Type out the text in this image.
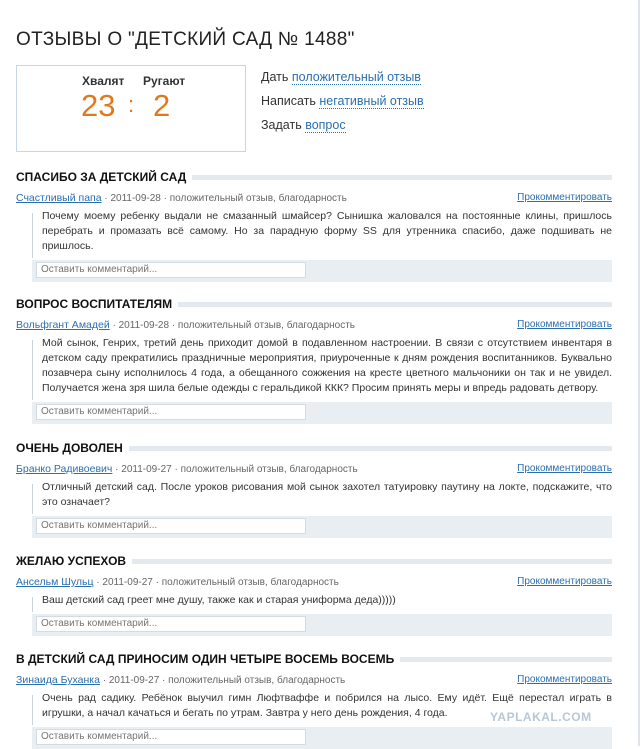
ОТЗЫВЫ О "ДЕТСКИЙ САД № 1488"
Хвалят Ругают
23 : 2
Дать положительный отзыв
Написать негативный отзыв
Задать вопрос
СПАСИБО ЗА ДЕТСКИЙ САД
Счастливый папа · 2011-09-28 · положительный отзыв, благодарность	Прокомментировать
Почему моему ребенку выдали не смазанный шмайсер? Сынишка жаловался на постоянные клины, пришлось перебрать и промазать всё самому. Но за парадную форму SS для утренника спасибо, даже подшивать не пришлось.
Оставить комментарий...
ВОПРОС ВОСПИТАТЕЛЯМ
Вольфгант Амадей · 2011-09-28 · положительный отзыв, благодарность	Прокомментировать
Мой сынок, Генрих, третий день приходит домой в подавленном настроении. В связи с отсутствием инвентаря в детском саду прекратились праздничные мероприятия, приуроченные к дням рождения воспитанников. Буквально позавчера сыну исполнилось 4 года, а обещанного сожжения на кресте цветного мальчоники он так и не увидел. Получается жена зря шила белые одежды с геральдикой ККК? Просим принять меры и впредь радовать детвору.
Оставить комментарий...
ОЧЕНЬ ДОВОЛЕН
Бранко Радивоевич · 2011-09-27 · положительный отзыв, благодарность	Прокомментировать
Отличный детский сад. После уроков рисования мой сынок захотел татуировку паутину на локте, подскажите, что это означает?
Оставить комментарий...
ЖЕЛАЮ УСПЕХОВ
Ансельм Шульц · 2011-09-27 · положительный отзыв, благодарность	Прокомментировать
Ваш детский сад греет мне душу, также как и старая униформа деда)))))
Оставить комментарий...
В ДЕТСКИЙ САД ПРИНОСИМ ОДИН ЧЕТЫРЕ ВОСЕМЬ ВОСЕМЬ
Зинаида Буханка · 2011-09-27 · положительный отзыв, благодарность	Прокомментировать
Очень рад садику. Ребёнок выучил гимн Люфтваффе и побрился на лысо. Ему идёт. Ещё перестал играть в игрушки, а начал качаться и бегать по утрам. Завтра у него день рождения, 4 года.
Оставить комментарий...	YAPLAKAL.COM
